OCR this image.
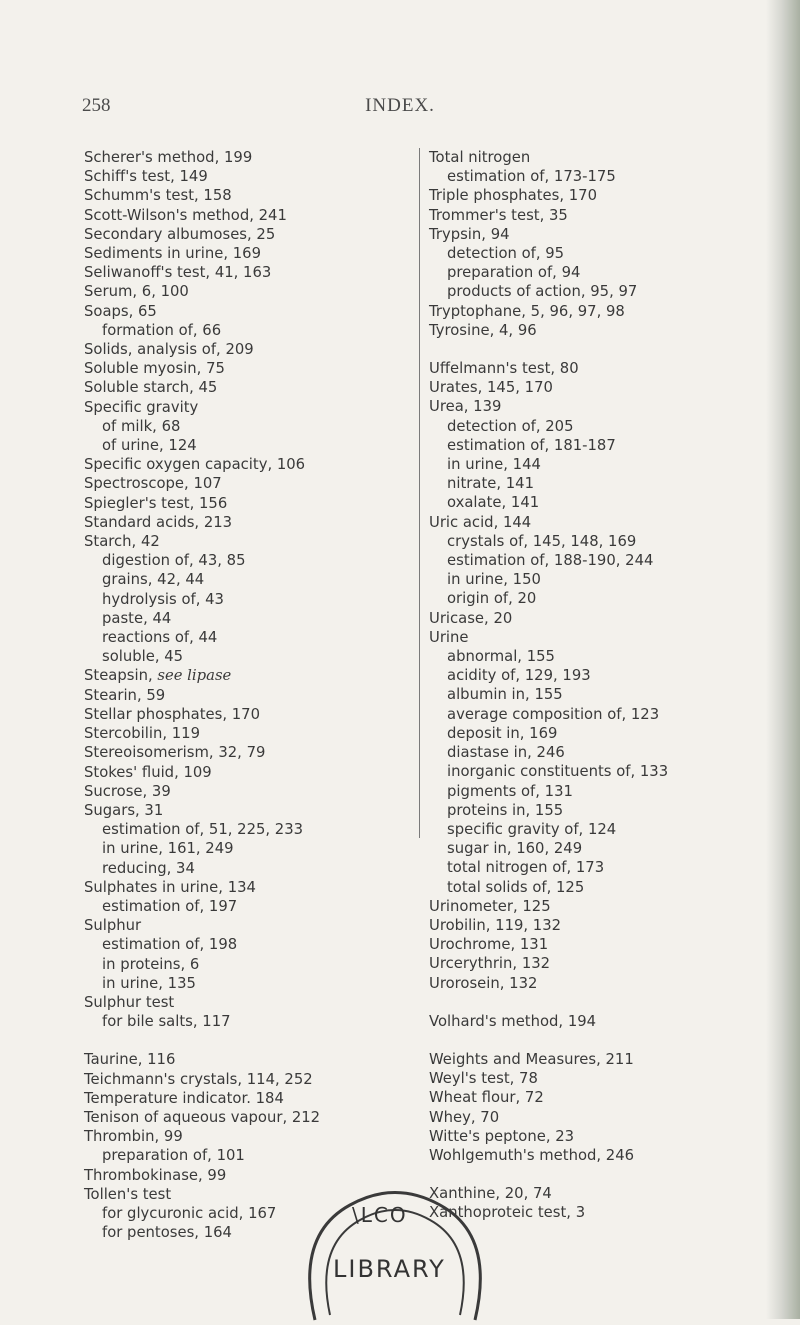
258	INDEX.
Scherer's method, 199
Schiff's test, 149
Schumm's test, 158
Scott-Wilson's method, 241
Secondary albumoses, 25
Sediments in urine, 169
Seliwanoff's test, 41, 163
Serum, 6, 100
Soaps, 65
formation of, 66
Solids, analysis of, 209
Soluble myosin, 75
Soluble starch, 45
Specific gravity
of milk, 68
of urine, 124
Specific oxygen capacity, 106
Spectroscope, 107
Spiegler's test, 156
Standard acids, 213
Starch, 42
digestion of, 43, 85
grains, 42, 44
hydrolysis of, 43
paste, 44
reactions of, 44
soluble, 45
Steapsin, see lipase
Stearin, 59
Stellar phosphates, 170
Stercobilin, 119
Stereoisomerism, 32, 79
Stokes' fluid, 109
Sucrose, 39
Sugars, 31
estimation of, 51, 225, 233
in urine, 161, 249
reducing, 34
Sulphates in urine, 134
estimation of, 197
Sulphur
estimation of, 198
in proteins, 6
in urine, 135
Sulphur test
for bile salts, 117
Taurine, 116
Teichmann's crystals, 114, 252
Temperature indicator. 184
Tenison of aqueous vapour, 212
Thrombin, 99
preparation of, 101
Thrombokinase, 99
Tollen's test
for glycuronic acid, 167
for pentoses, 164
Total nitrogen
estimation of, 173-175
Triple phosphates, 170
Trommer's test, 35
Trypsin, 94
detection of, 95
preparation of, 94
products of action, 95, 97
Tryptophane, 5, 96, 97, 98
Tyrosine, 4, 96
Uffelmann's test, 80
Urates, 145, 170
Urea, 139
detection of, 205
estimation of, 181-187
in urine, 144
nitrate, 141
oxalate, 141
Uric acid, 144
crystals of, 145, 148, 169
estimation of, 188-190, 244
in urine, 150
origin of, 20
Uricase, 20
Urine
abnormal, 155
acidity of, 129, 193
albumin in, 155
average composition of, 123
deposit in, 169
diastase in, 246
inorganic constituents of, 133
pigments of, 131
proteins in, 155
specific gravity of, 124
sugar in, 160, 249
total nitrogen of, 173
total solids of, 125
Urinometer, 125
Urobilin, 119, 132
Urochrome, 131
Urcerythrin, 132
Urorosein, 132
Volhard's method, 194
Weights and Measures, 211
Weyl's test, 78
Wheat flour, 72
Whey, 70
Witte's peptone, 23
Wohlgemuth's method, 246
Xanthine, 20, 74
Xanthoproteic test, 3
\LCO
LIBRARY
